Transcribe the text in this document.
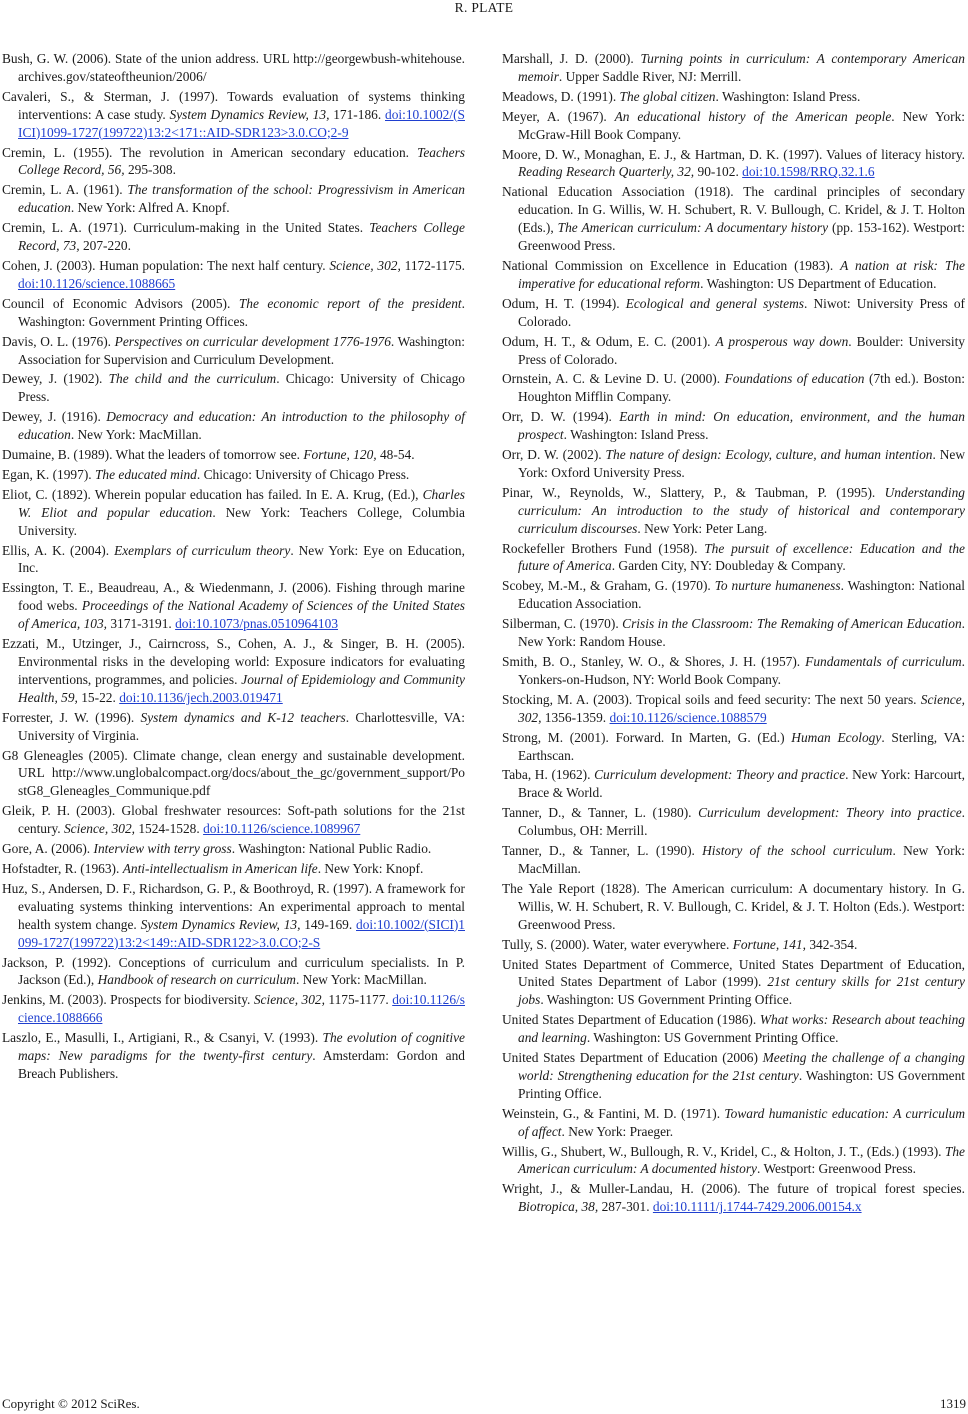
R. PLATE
Bush, G. W. (2006). State of the union address. URL http://georgewbush-whitehouse.archives.gov/stateoftheunion/2006/
Cavaleri, S., & Sterman, J. (1997). Towards evaluation of systems thinking interventions: A case study. System Dynamics Review, 13, 171-186. doi:10.1002/(SICI)1099-1727(199722)13:2<171::AID-SDR123>3.0.CO;2-9
Cremin, L. (1955). The revolution in American secondary education. Teachers College Record, 56, 295-308.
Cremin, L. A. (1961). The transformation of the school: Progressivism in American education. New York: Alfred A. Knopf.
Cremin, L. A. (1971). Curriculum-making in the United States. Teachers College Record, 73, 207-220.
Cohen, J. (2003). Human population: The next half century. Science, 302, 1172-1175. doi:10.1126/science.1088665
Council of Economic Advisors (2005). The economic report of the president. Washington: Government Printing Offices.
Davis, O. L. (1976). Perspectives on curricular development 1776-1976. Washington: Association for Supervision and Curriculum Development.
Dewey, J. (1902). The child and the curriculum. Chicago: University of Chicago Press.
Dewey, J. (1916). Democracy and education: An introduction to the philosophy of education. New York: MacMillan.
Dumaine, B. (1989). What the leaders of tomorrow see. Fortune, 120, 48-54.
Egan, K. (1997). The educated mind. Chicago: University of Chicago Press.
Eliot, C. (1892). Wherein popular education has failed. In E. A. Krug, (Ed.), Charles W. Eliot and popular education. New York: Teachers College, Columbia University.
Ellis, A. K. (2004). Exemplars of curriculum theory. New York: Eye on Education, Inc.
Essington, T. E., Beaudreau, A., & Wiedenmann, J. (2006). Fishing through marine food webs. Proceedings of the National Academy of Sciences of the United States of America, 103, 3171-3191. doi:10.1073/pnas.0510964103
Ezzati, M., Utzinger, J., Cairncross, S., Cohen, A. J., & Singer, B. H. (2005). Environmental risks in the developing world: Exposure indicators for evaluating interventions, programmes, and policies. Journal of Epidemiology and Community Health, 59, 15-22. doi:10.1136/jech.2003.019471
Forrester, J. W. (1996). System dynamics and K-12 teachers. Charlottesville, VA: University of Virginia.
G8 Gleneagles (2005). Climate change, clean energy and sustainable development. URL http://www.unglobalcompact.org/docs/about_the_gc/government_support/PostG8_Gleneagles_Communique.pdf
Gleik, P. H. (2003). Global freshwater resources: Soft-path solutions for the 21st century. Science, 302, 1524-1528. doi:10.1126/science.1089967
Gore, A. (2006). Interview with terry gross. Washington: National Public Radio.
Hofstadter, R. (1963). Anti-intellectualism in American life. New York: Knopf.
Huz, S., Andersen, D. F., Richardson, G. P., & Boothroyd, R. (1997). A framework for evaluating systems thinking interventions: An experimental approach to mental health system change. System Dynamics Review, 13, 149-169. doi:10.1002/(SICI)1099-1727(199722)13:2<149::AID-SDR122>3.0.CO;2-S
Jackson, P. (1992). Conceptions of curriculum and curriculum specialists. In P. Jackson (Ed.), Handbook of research on curriculum. New York: MacMillan.
Jenkins, M. (2003). Prospects for biodiversity. Science, 302, 1175-1177. doi:10.1126/science.1088666
Laszlo, E., Masulli, I., Artigiani, R., & Csanyi, V. (1993). The evolution of cognitive maps: New paradigms for the twenty-first century. Amsterdam: Gordon and Breach Publishers.
Marshall, J. D. (2000). Turning points in curriculum: A contemporary American memoir. Upper Saddle River, NJ: Merrill.
Meadows, D. (1991). The global citizen. Washington: Island Press.
Meyer, A. (1967). An educational history of the American people. New York: McGraw-Hill Book Company.
Moore, D. W., Monaghan, E. J., & Hartman, D. K. (1997). Values of literacy history. Reading Research Quarterly, 32, 90-102. doi:10.1598/RRQ.32.1.6
National Education Association (1918). The cardinal principles of secondary education. In G. Willis, W. H. Schubert, R. V. Bullough, C. Kridel, & J. T. Holton (Eds.), The American curriculum: A documentary history (pp. 153-162). Westport: Greenwood Press.
National Commission on Excellence in Education (1983). A nation at risk: The imperative for educational reform. Washington: US Department of Education.
Odum, H. T. (1994). Ecological and general systems. Niwot: University Press of Colorado.
Odum, H. T., & Odum, E. C. (2001). A prosperous way down. Boulder: University Press of Colorado.
Ornstein, A. C. & Levine D. U. (2000). Foundations of education (7th ed.). Boston: Houghton Mifflin Company.
Orr, D. W. (1994). Earth in mind: On education, environment, and the human prospect. Washington: Island Press.
Orr, D. W. (2002). The nature of design: Ecology, culture, and human intention. New York: Oxford University Press.
Pinar, W., Reynolds, W., Slattery, P., & Taubman, P. (1995). Understanding curriculum: An introduction to the study of historical and contemporary curriculum discourses. New York: Peter Lang.
Rockefeller Brothers Fund (1958). The pursuit of excellence: Education and the future of America. Garden City, NY: Doubleday & Company.
Scobey, M.-M., & Graham, G. (1970). To nurture humaneness. Washington: National Education Association.
Silberman, C. (1970). Crisis in the Classroom: The Remaking of American Education. New York: Random House.
Smith, B. O., Stanley, W. O., & Shores, J. H. (1957). Fundamentals of curriculum. Yonkers-on-Hudson, NY: World Book Company.
Stocking, M. A. (2003). Tropical soils and feed security: The next 50 years. Science, 302, 1356-1359. doi:10.1126/science.1088579
Strong, M. (2001). Forward. In Marten, G. (Ed.) Human Ecology. Sterling, VA: Earthscan.
Taba, H. (1962). Curriculum development: Theory and practice. New York: Harcourt, Brace & World.
Tanner, D., & Tanner, L. (1980). Curriculum development: Theory into practice. Columbus, OH: Merrill.
Tanner, D., & Tanner, L. (1990). History of the school curriculum. New York: MacMillan.
The Yale Report (1828). The American curriculum: A documentary history. In G. Willis, W. H. Schubert, R. V. Bullough, C. Kridel, & J. T. Holton (Eds.). Westport: Greenwood Press.
Tully, S. (2000). Water, water everywhere. Fortune, 141, 342-354.
United States Department of Commerce, United States Department of Education, United States Department of Labor (1999). 21st century skills for 21st century jobs. Washington: US Government Printing Office.
United States Department of Education (1986). What works: Research about teaching and learning. Washington: US Government Printing Office.
United States Department of Education (2006) Meeting the challenge of a changing world: Strengthening education for the 21st century. Washington: US Government Printing Office.
Weinstein, G., & Fantini, M. D. (1971). Toward humanistic education: A curriculum of affect. New York: Praeger.
Willis, G., Shubert, W., Bullough, R. V., Kridel, C., & Holton, J. T., (Eds.) (1993). The American curriculum: A documented history. Westport: Greenwood Press.
Wright, J., & Muller-Landau, H. (2006). The future of tropical forest species. Biotropica, 38, 287-301. doi:10.1111/j.1744-7429.2006.00154.x
Copyright © 2012 SciRes.	1319
